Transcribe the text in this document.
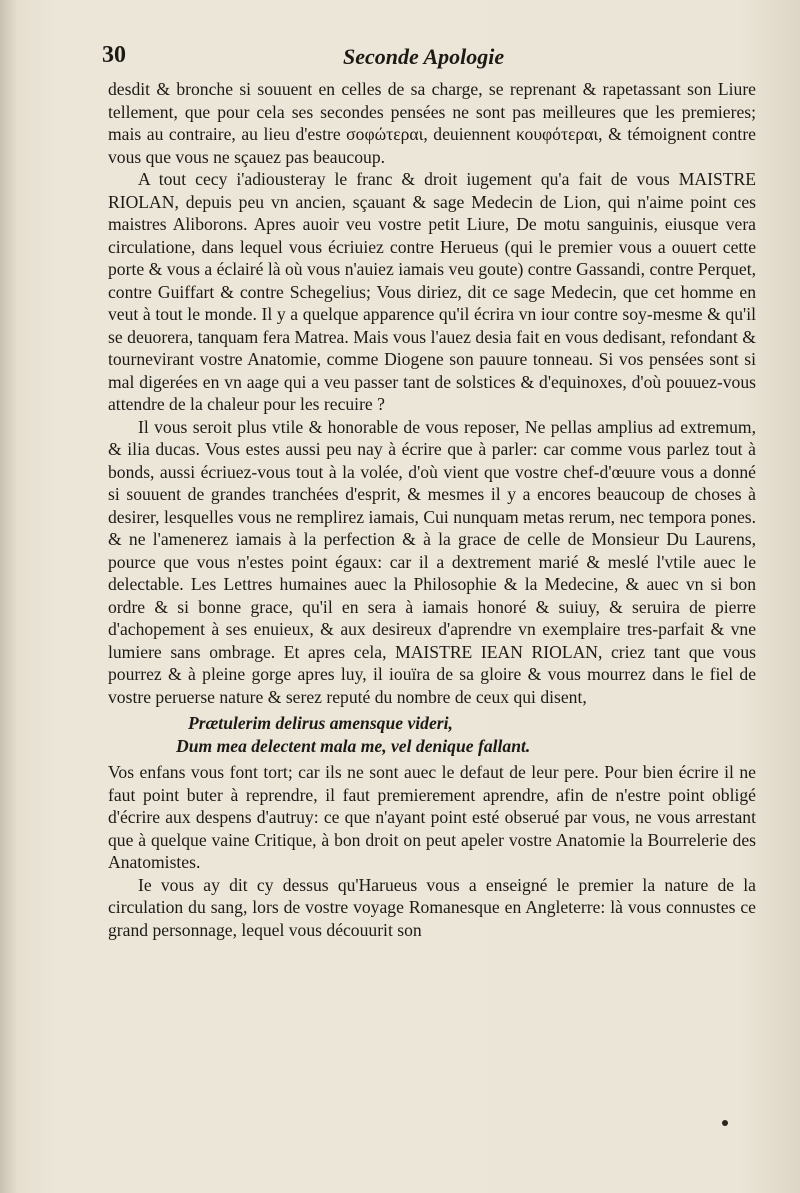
30	Seconde Apologie

desdit & bronche si souuent en celles de sa charge, se reprenant & rapetassant son Liure tellement, que pour cela ses secondes pensées ne sont pas meilleures que les premieres; mais au contraire, au lieu d'estre σοφώτεραι, deuiennent κουφότεραι, & témoignent contre vous que vous ne sçauez pas beaucoup.

A tout cecy i'adiousteray le franc & droit iugement qu'a fait de vous MAISTRE RIOLAN, depuis peu vn ancien, sçauant & sage Medecin de Lion, qui n'aime point ces maistres Aliborons. Apres auoir veu vostre petit Liure, De motu sanguinis, eiusque vera circulatione, dans lequel vous écriuiez contre Herueus (qui le premier vous a ouuert cette porte & vous a éclairé là où vous n'auiez iamais veu goute) contre Gassandi, contre Perquet, contre Guiffart & contre Schegelius; Vous diriez, dit ce sage Medecin, que cet homme en veut à tout le monde. Il y a quelque apparence qu'il écrira vn iour contre soy-mesme & qu'il se deuorera, tanquam fera Matrea. Mais vous l'auez desia fait en vous dedisant, refondant & tournevirant vostre Anatomie, comme Diogene son pauure tonneau. Si vos pensées sont si mal digerées en vn aage qui a veu passer tant de solstices & d'equinoxes, d'où pouuez-vous attendre de la chaleur pour les recuire ?

Il vous seroit plus vtile & honorable de vous reposer, Ne pellas amplius ad extremum, & ilia ducas. Vous estes aussi peu nay à écrire que à parler: car comme vous parlez tout à bonds, aussi écriuez-vous tout à la volée, d'où vient que vostre chef-d'œuure vous a donné si souuent de grandes tranchées d'esprit, & mesmes il y a encores beaucoup de choses à desirer, lesquelles vous ne remplirez iamais, Cui nunquam metas rerum, nec tempora pones. & ne l'amenerez iamais à la perfection & à la grace de celle de Monsieur Du Laurens, pource que vous n'estes point égaux: car il a dextrement marié & meslé l'vtile auec le delectable. Les Lettres humaines auec la Philosophie & la Medecine, & auec vn si bon ordre & si bonne grace, qu'il en sera à iamais honoré & suiuy, & seruira de pierre d'achopement à ses enuieux, & aux desireux d'aprendre vn exemplaire tres-parfait & vne lumiere sans ombrage. Et apres cela, MAISTRE IEAN RIOLAN, criez tant que vous pourrez & à pleine gorge apres luy, il iouïra de sa gloire & vous mourrez dans le fiel de vostre peruerse nature & serez reputé du nombre de ceux qui disent,

Prætulerim delirus amensque videri,
Dum mea delectent mala me, vel denique fallant.

Vos enfans vous font tort; car ils ne sont auec le defaut de leur pere. Pour bien écrire il ne faut point buter à reprendre, il faut premierement aprendre, afin de n'estre point obligé d'écrire aux despens d'autruy: ce que n'ayant point esté obserué par vous, ne vous arrestant que à quelque vaine Critique, à bon droit on peut apeler vostre Anatomie la Bourrelerie des Anatomistes.

Ie vous ay dit cy dessus qu'Harueus vous a enseigné le premier la nature de la circulation du sang, lors de vostre voyage Romanesque en Angleterre: là vous connustes ce grand personnage, lequel vous découurit son
